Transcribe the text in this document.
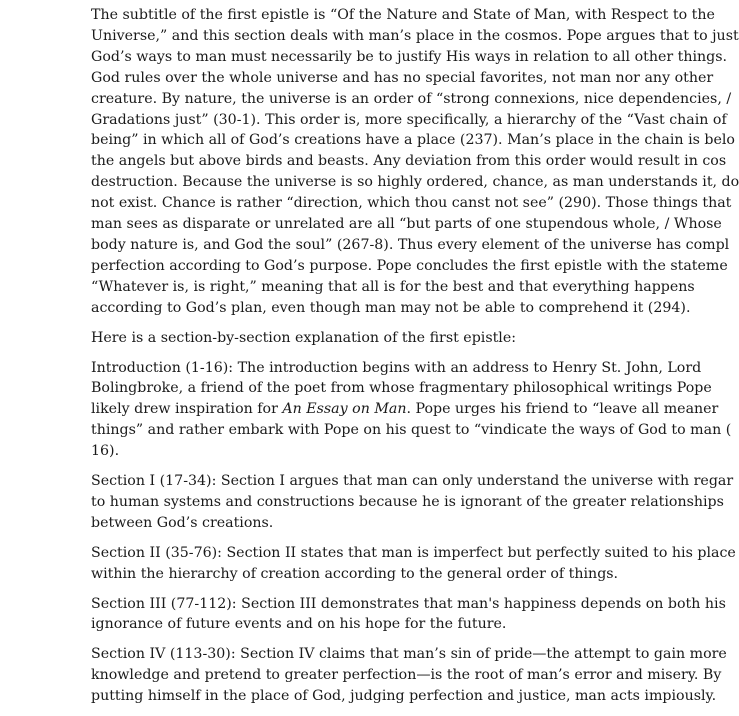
The subtitle of the first epistle is “Of the Nature and State of Man, with Respect to the
Universe,” and this section deals with man’s place in the cosmos. Pope argues that to just
God’s ways to man must necessarily be to justify His ways in relation to all other things.
God rules over the whole universe and has no special favorites, not man nor any other
creature. By nature, the universe is an order of “strong connexions, nice dependencies, /
Gradations just” (30-1). This order is, more specifically, a hierarchy of the “Vast chain of
being” in which all of God’s creations have a place (237). Man’s place in the chain is belo
the angels but above birds and beasts. Any deviation from this order would result in cos
destruction. Because the universe is so highly ordered, chance, as man understands it, do
not exist. Chance is rather “direction, which thou canst not see” (290). Those things that
man sees as disparate or unrelated are all “but parts of one stupendous whole, / Whose
body nature is, and God the soul” (267-8). Thus every element of the universe has compl
perfection according to God’s purpose. Pope concludes the first epistle with the stateme
“Whatever is, is right,” meaning that all is for the best and that everything happens
according to God’s plan, even though man may not be able to comprehend it (294).

Here is a section-by-section explanation of the first epistle:

Introduction (1-16): The introduction begins with an address to Henry St. John, Lord
Bolingbroke, a friend of the poet from whose fragmentary philosophical writings Pope
likely drew inspiration for An Essay on Man. Pope urges his friend to “leave all meaner
things” and rather embark with Pope on his quest to “vindicate the ways of God to man (
16).

Section I (17-34): Section I argues that man can only understand the universe with regar
to human systems and constructions because he is ignorant of the greater relationships
between God’s creations.

Section II (35-76): Section II states that man is imperfect but perfectly suited to his place
within the hierarchy of creation according to the general order of things.

Section III (77-112): Section III demonstrates that man's happiness depends on both his
ignorance of future events and on his hope for the future.

Section IV (113-30): Section IV claims that man’s sin of pride—the attempt to gain more
knowledge and pretend to greater perfection—is the root of man’s error and misery. By
putting himself in the place of God, judging perfection and justice, man acts impiously.
